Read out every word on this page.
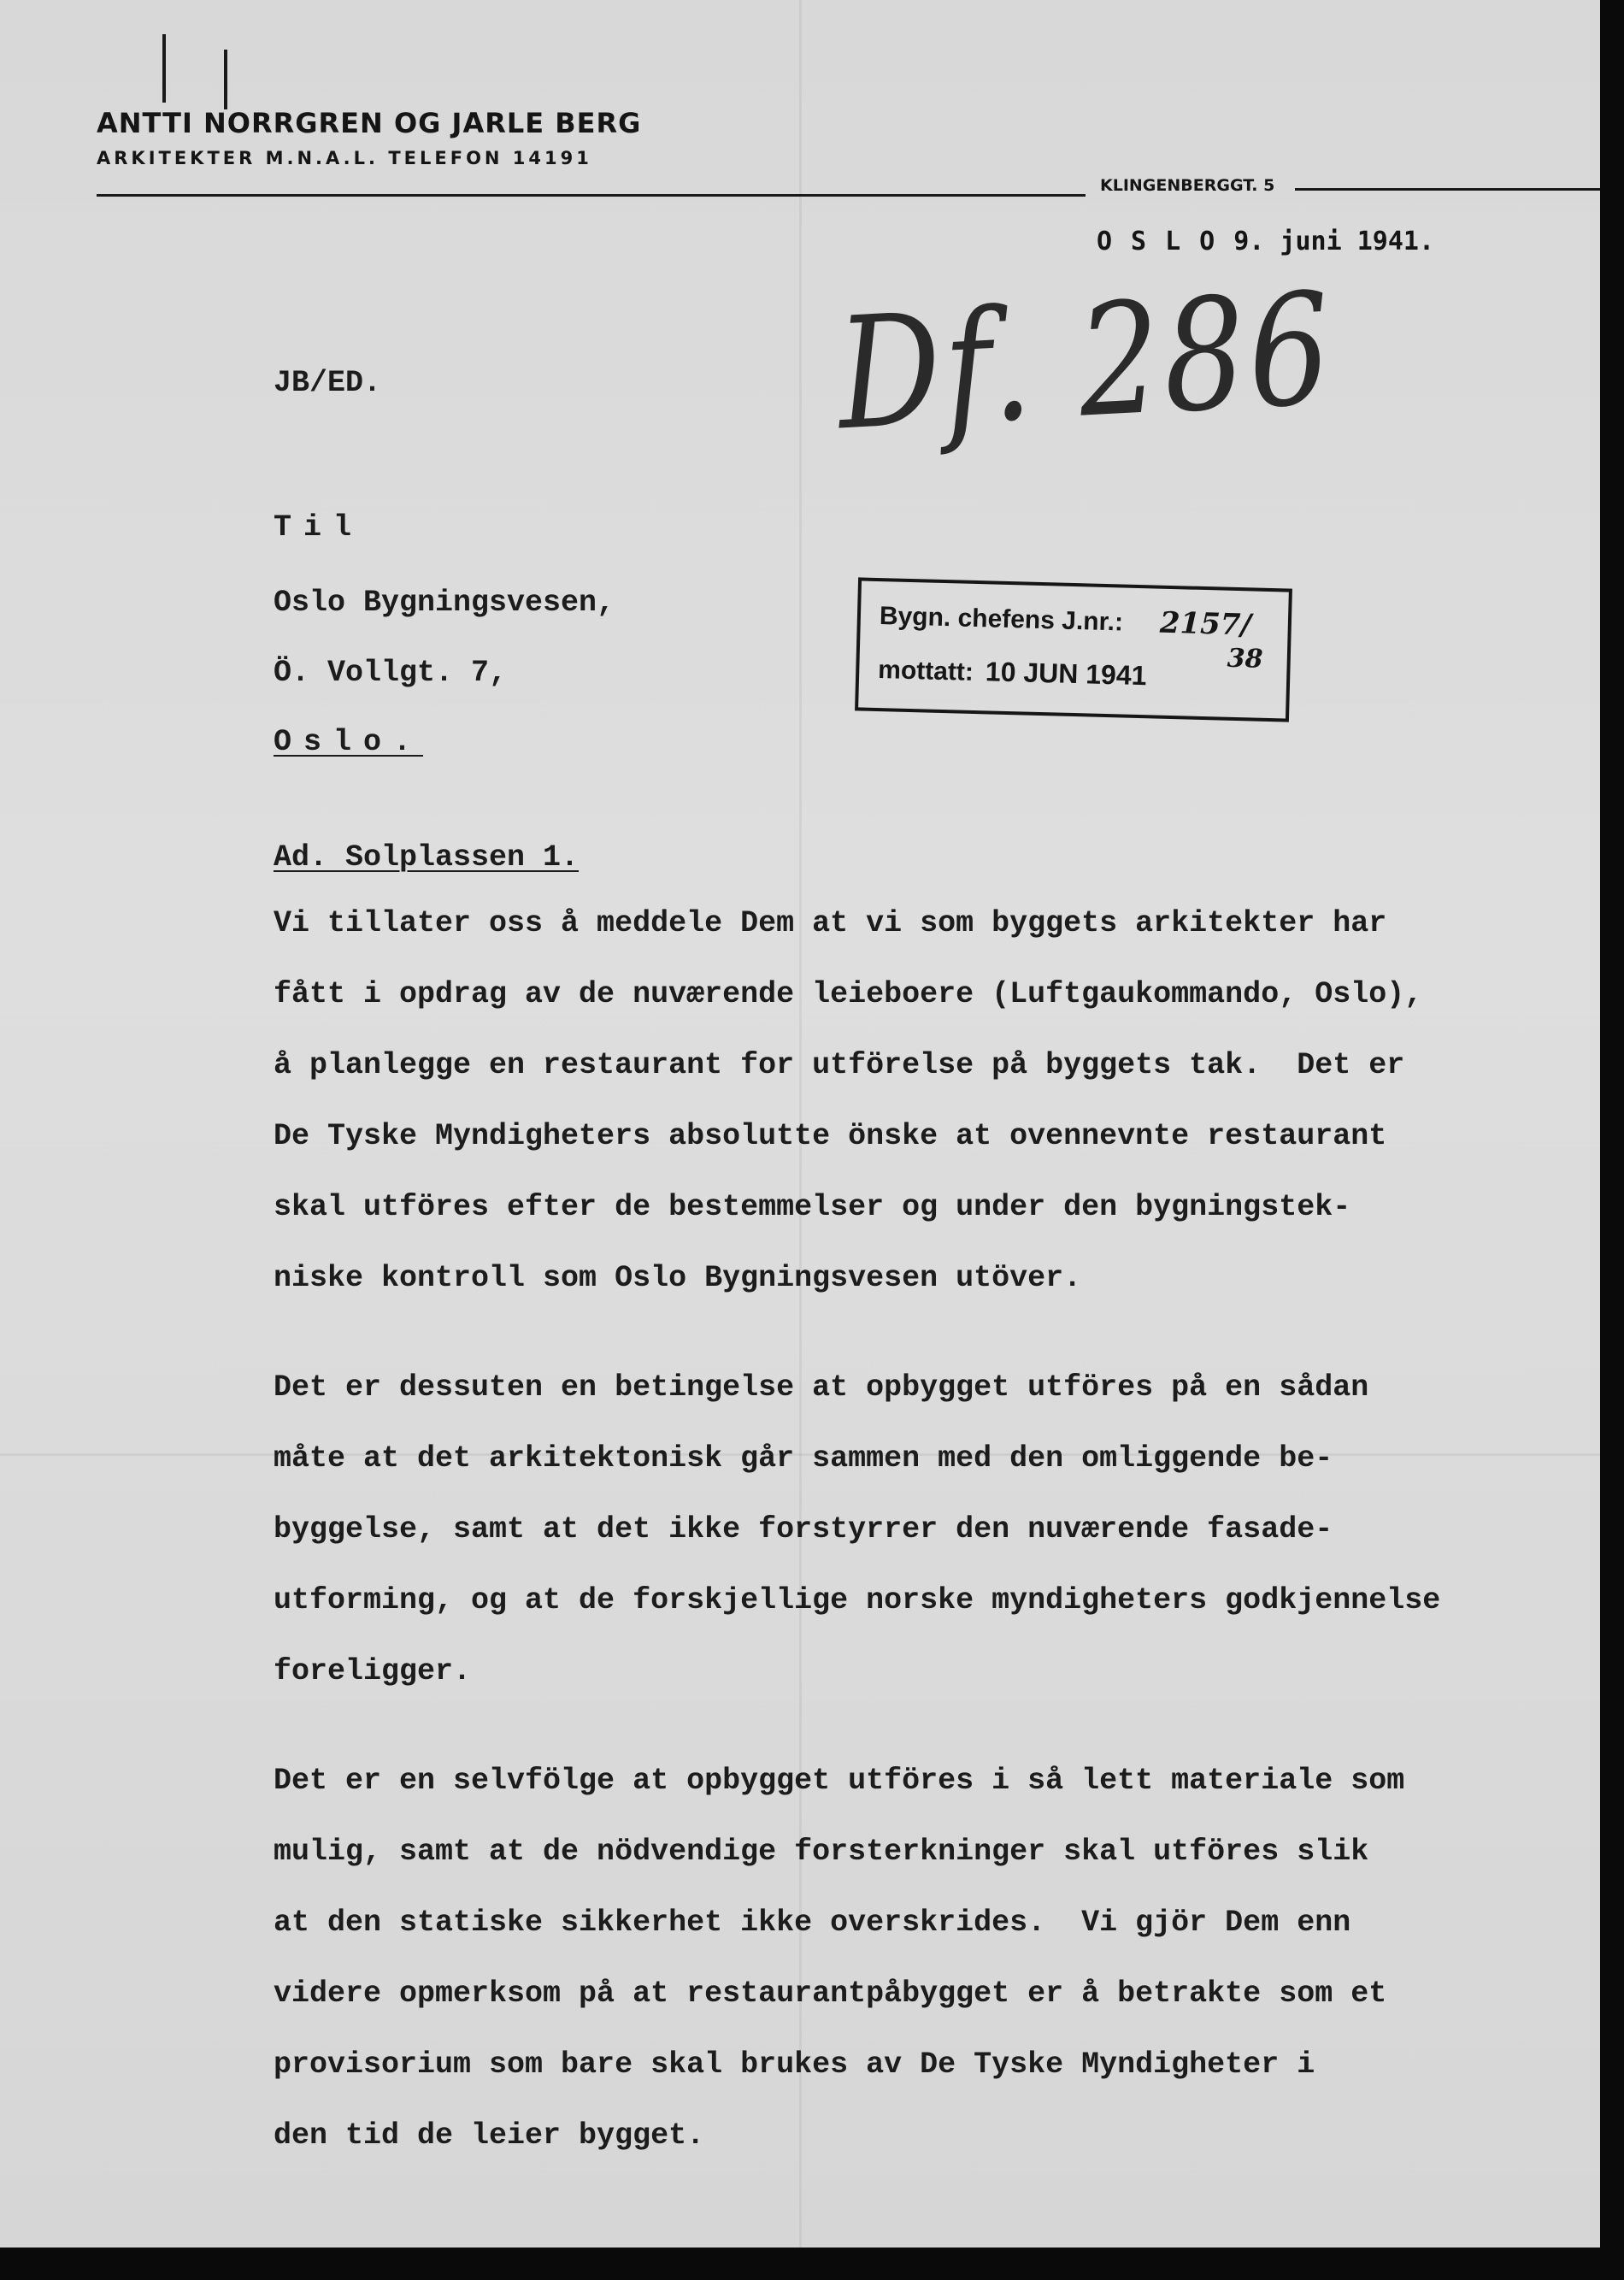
ANTTI NORRGREN OG JARLE BERG
ARKITEKTER M.N.A.L. TELEFON 14191
KLINGENBERGGT. 5
OSLO9. juni 1941.
JB/ED.	Df. 286
Til
Oslo Bygningsvesen,
Ö. Vollgt. 7,
Oslo.
Bygn. chefens J.nr.: 2157/
38
mottatt: 10 JUN 1941
Ad. Solplassen 1.
Vi tillater oss å meddele Dem at vi som byggets arkitekter har
fått i opdrag av de nuværende leieboere (Luftgaukommando, Oslo),
å planlegge en restaurant for utförelse på byggets tak.  Det er
De Tyske Myndigheters absolutte önske at ovennevnte restaurant
skal utföres efter de bestemmelser og under den bygningstek-
niske kontroll som Oslo Bygningsvesen utöver.
Det er dessuten en betingelse at opbygget utföres på en sådan
måte at det arkitektonisk går sammen med den omliggende be-
byggelse, samt at det ikke forstyrrer den nuværende fasade-
utforming, og at de forskjellige norske myndigheters godkjennelse
foreligger.
Det er en selvfölge at opbygget utföres i så lett materiale som
mulig, samt at de nödvendige forsterkninger skal utföres slik
at den statiske sikkerhet ikke overskrides.  Vi gjör Dem enn
videre opmerksom på at restaurantpåbygget er å betrakte som et
provisorium som bare skal brukes av De Tyske Myndigheter i
den tid de leier bygget.
